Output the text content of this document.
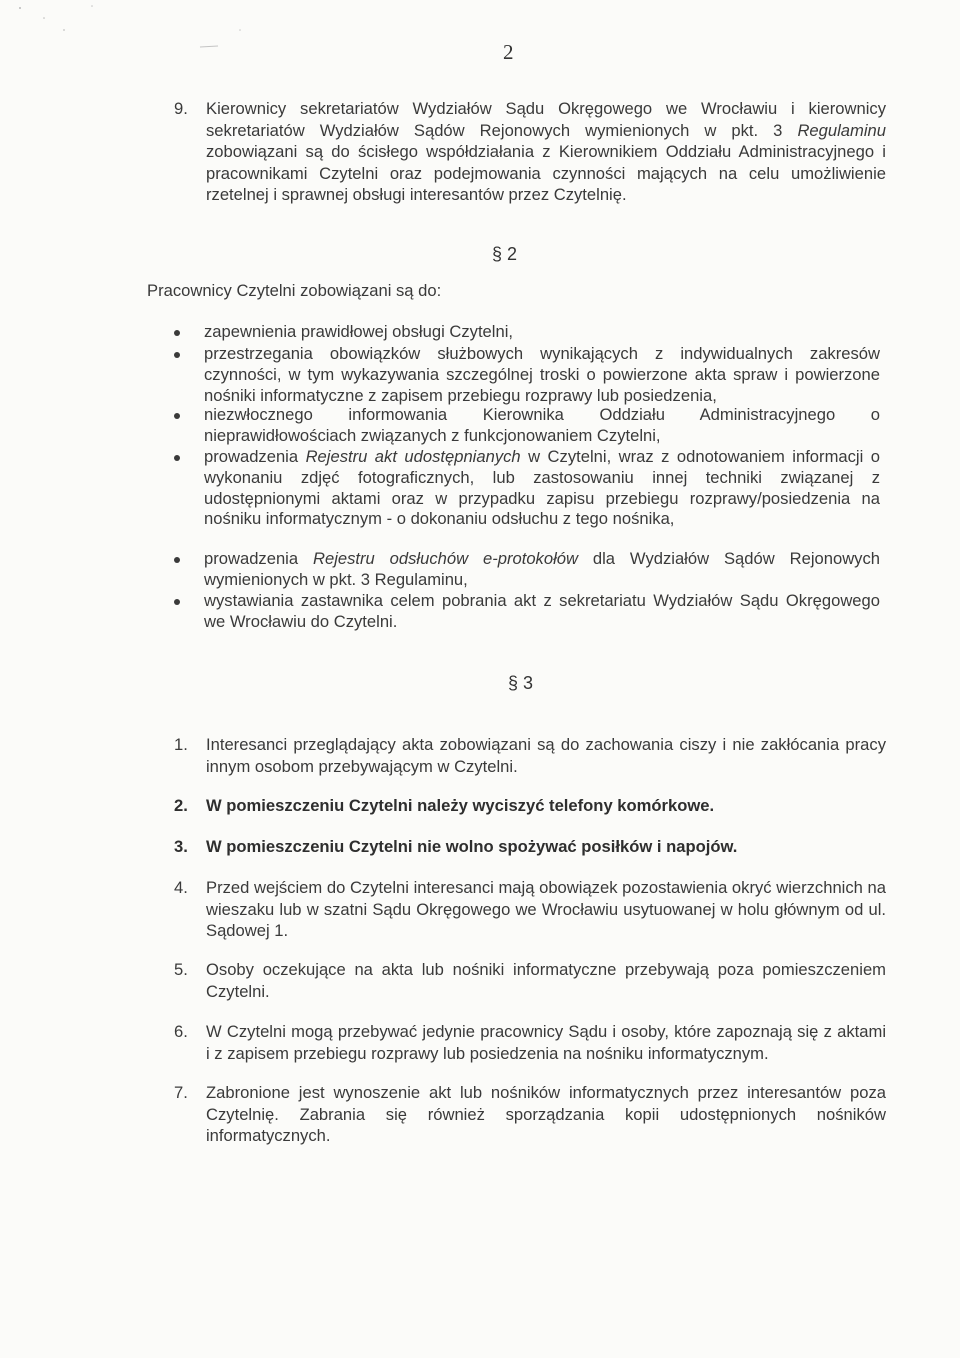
2
9. Kierownicy sekretariatów Wydziałów Sądu Okręgowego we Wrocławiu i kierownicy sekretariatów Wydziałów Sądów Rejonowych wymienionych w pkt. 3 Regulaminu zobowiązani są do ścisłego współdziałania z Kierownikiem Oddziału Administracyjnego i pracownikami Czytelni oraz podejmowania czynności mających na celu umożliwienie rzetelnej i sprawnej obsługi interesantów przez Czytelnię.
§ 2
Pracownicy Czytelni zobowiązani są do:
zapewnienia prawidłowej obsługi Czytelni,
przestrzegania obowiązków służbowych wynikających z indywidualnych zakresów czynności, w tym wykazywania szczególnej troski o powierzone akta spraw i powierzone nośniki informatyczne z zapisem przebiegu rozprawy lub posiedzenia,
niezwłocznego informowania Kierownika Oddziału Administracyjnego o nieprawidłowościach związanych z funkcjonowaniem Czytelni,
prowadzenia Rejestru akt udostępnianych w Czytelni, wraz z odnotowaniem informacji o wykonaniu zdjęć fotograficznych, lub zastosowaniu innej techniki związanej z udostępnionymi aktami oraz w przypadku zapisu przebiegu rozprawy/posiedzenia na nośniku informatycznym - o dokonaniu odsłuchu z tego nośnika,
prowadzenia Rejestru odsłuchów e-protokołów dla Wydziałów Sądów Rejonowych wymienionych w pkt. 3 Regulaminu,
wystawiania zastawnika celem pobrania akt z sekretariatu Wydziałów Sądu Okręgowego we Wrocławiu do Czytelni.
§ 3
1. Interesanci przeglądający akta zobowiązani są do zachowania ciszy i nie zakłócania pracy innym osobom przebywającym w Czytelni.
2. W pomieszczeniu Czytelni należy wyciszyć telefony komórkowe.
3. W pomieszczeniu Czytelni nie wolno spożywać posiłków i napojów.
4. Przed wejściem do Czytelni interesanci mają obowiązek pozostawienia okryć wierzchnich na wieszaku lub w szatni Sądu Okręgowego we Wrocławiu usytuowanej w holu głównym od ul. Sądowej 1.
5. Osoby oczekujące na akta lub nośniki informatyczne przebywają poza pomieszczeniem Czytelni.
6. W Czytelni mogą przebywać jedynie pracownicy Sądu i osoby, które zapoznają się z aktami i z zapisem przebiegu rozprawy lub posiedzenia na nośniku informatycznym.
7. Zabronione jest wynoszenie akt lub nośników informatycznych przez interesantów poza Czytelnię. Zabrania się również sporządzania kopii udostępnionych nośników informatycznych.
